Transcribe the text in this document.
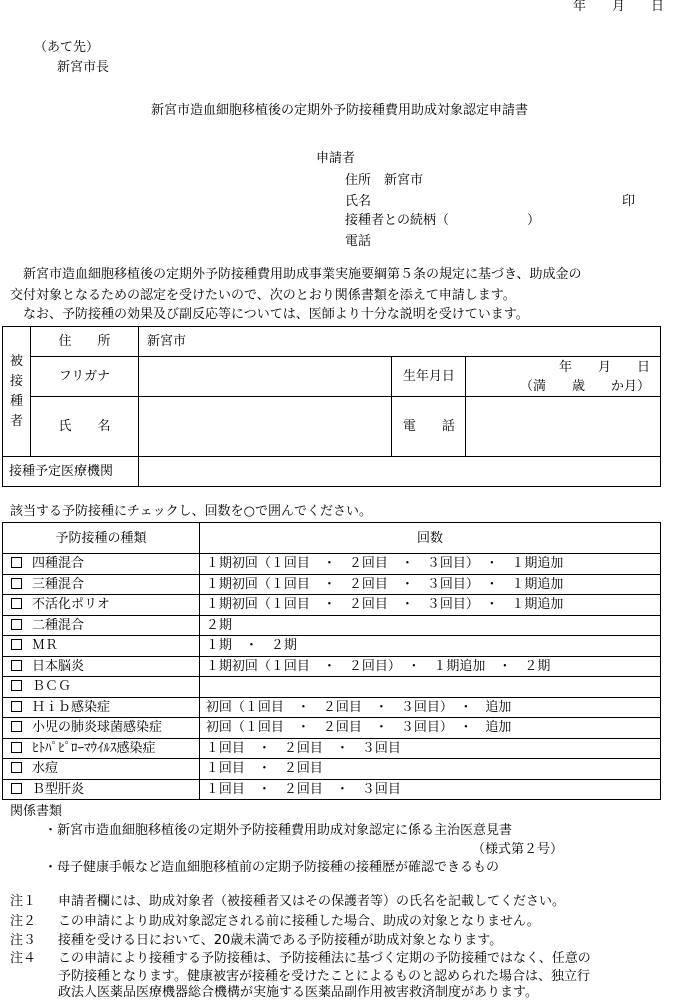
年　　月　　日
（あて先）
新宮市長
新宮市造血細胞移植後の定期外予防接種費用助成対象認定申請書
申請者
住所　新宮市
氏名	印
接種者との続柄（　　　　　　）
電話
　新宮市造血細胞移植後の定期外予防接種費用助成事業実施要綱第５条の規定に基づき、助成金の
交付対象となるための認定を受けたいので、次のとおり関係書類を添えて申請します。
　なお、予防接種の効果及び副反応等については、医師より十分な説明を受けています。
被
接
種
者	住　　所	新宮市		
	フリガナ		生年月日	年　　月　　日
（満　　歳　　か月）
	氏　　名		電　　話	
接種予定医療機関				
該当する予防接種にチェックし、回数を○で囲んでください。
予防接種の種類	回数
四種混合	１期初回（１回目　・　２回目　・　３回目）　・　１期追加
三種混合	１期初回（１回目　・　２回目　・　３回目）　・　１期追加
不活化ポリオ	１期初回（１回目　・　２回目　・　３回目）　・　１期追加
二種混合	２期
ＭＲ	１期　・　２期
日本脳炎	１期初回（１回目　・　２回目）　・　１期追加　・　２期
ＢＣＧ	
Ｈｉｂ感染症	初回（１回目　・　２回目　・　３回目）　・　追加
小児の肺炎球菌感染症	初回（１回目　・　２回目　・　３回目）　・　追加
ﾋﾄﾊﾟﾋﾟﾛｰﾏｳｲﾙｽ感染症	１回目　・　２回目　・　３回目
水痘	１回目　・　２回目
Ｂ型肝炎	１回目　・　２回目　・　３回目
関係書類
・新宮市造血細胞移植後の定期外予防接種費用助成対象認定に係る主治医意見書
（様式第２号）
・母子健康手帳など造血細胞移植前の定期予防接種の接種歴が確認できるもの
注１ 申請者欄には、助成対象者（被接種者又はその保護者等）の氏名を記載してください。
注２ この申請により助成対象認定される前に接種した場合、助成の対象となりません。
注３ 接種を受ける日において、20歳未満である予防接種が助成対象となります。
注４ この申請により接種する予防接種は、予防接種法に基づく定期の予防接種ではなく、任意の
予防接種となります。健康被害が接種を受けたことによるものと認められた場合は、独立行
政法人医薬品医療機器総合機構が実施する医薬品副作用被害救済制度があります。
